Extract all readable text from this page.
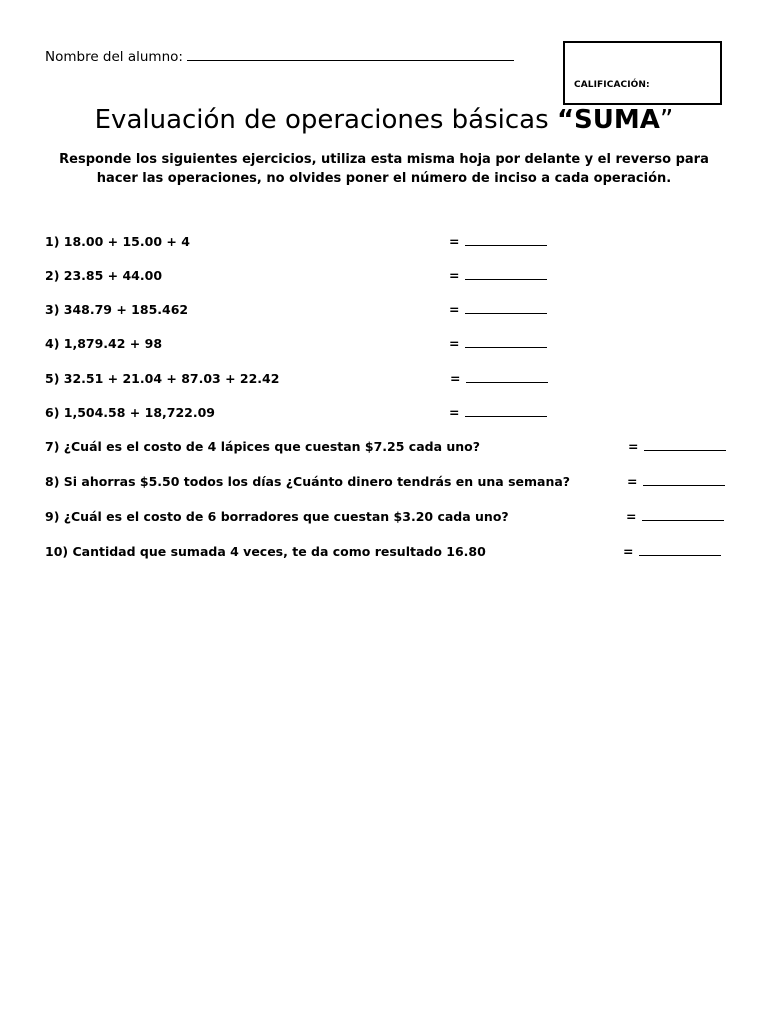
Nombre del alumno:
CALIFICACIÓN:
Evaluación de operaciones básicas “SUMA”
Responde los siguientes ejercicios, utiliza esta misma hoja por delante y el reverso para hacer las operaciones, no olvides poner el número de inciso a cada operación.
1) 18.00 + 15.00 + 4	=
2) 23.85 + 44.00	=
3) 348.79 + 185.462	=
4) 1,879.42 + 98	=
5) 32.51 + 21.04 + 87.03 + 22.42	=
6) 1,504.58 + 18,722.09	=
7) ¿Cuál es el costo de 4 lápices que cuestan $7.25 cada uno?	=
8) Si ahorras $5.50 todos los días ¿Cuánto dinero tendrás en una semana?	=
9) ¿Cuál es el costo de 6 borradores que cuestan $3.20 cada uno?	=
10) Cantidad que sumada 4 veces, te da como resultado 16.80	=
